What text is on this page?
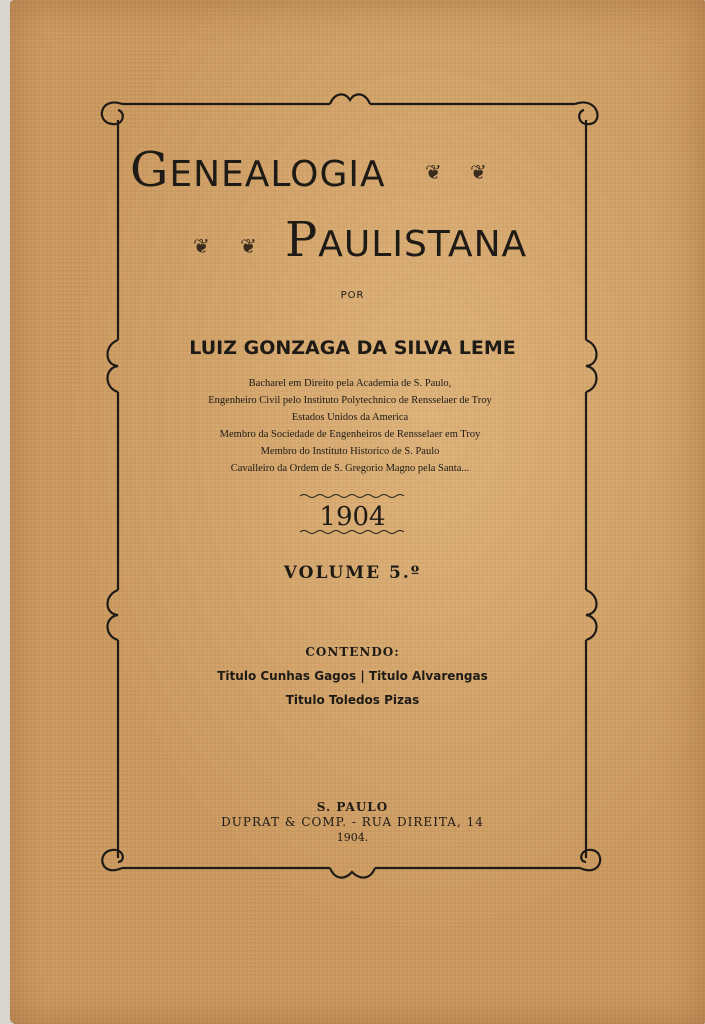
GENEALOGIA ❦ ❦
❦ ❦ PAULISTANA
POR
LUIZ GONZAGA DA SILVA LEME
Bacharel em Direito pela Academia de S. Paulo,
Engenheiro Civil pelo Instituto Polytechnico de Rensselaer de Troy
Estados Unidos da America
Membro da Sociedade de Engenheiros de Rensselaer em Troy
Membro do Instituto Historico de S. Paulo
Cavalleiro da Ordem de S. Gregorio Magno pela Santa...
1904
VOLUME 5.º
CONTENDO:
Titulo Cunhas Gagos | Titulo Alvarengas
Titulo Toledos Pizas
S. PAULO
DUPRAT & COMP. - RUA DIREITA, 14
1904.
